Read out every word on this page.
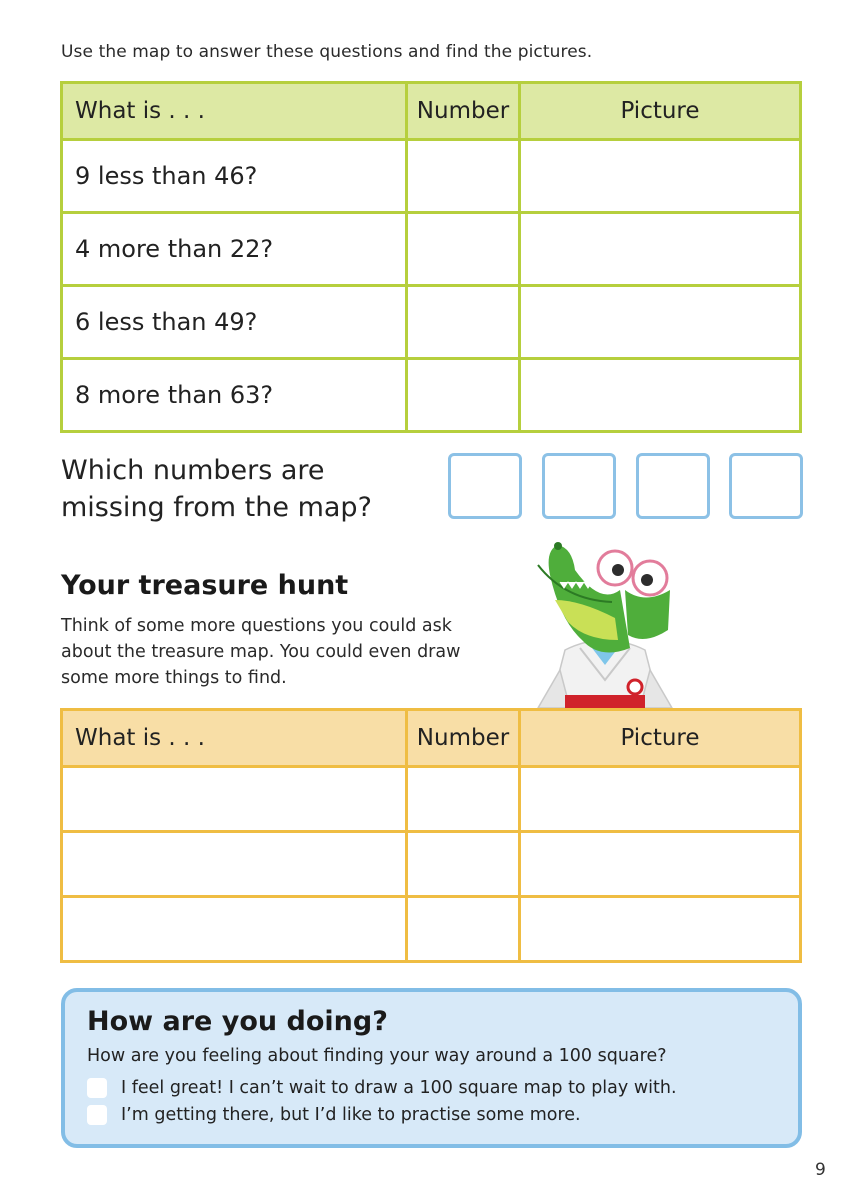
Use the map to answer these questions and find the pictures.
What is . . .	Number	Picture
9 less than 46?		
4 more than 22?		
6 less than 49?		
8 more than 63?		
Which numbers are missing from the map?
Your treasure hunt
Think of some more questions you could ask about the treasure map. You could even draw some more things to find.
What is . . .	Number	Picture

How are you doing?
How are you feeling about finding your way around a 100 square?
I feel great! I can’t wait to draw a 100 square map to play with.
I’m getting there, but I’d like to practise some more.
9
